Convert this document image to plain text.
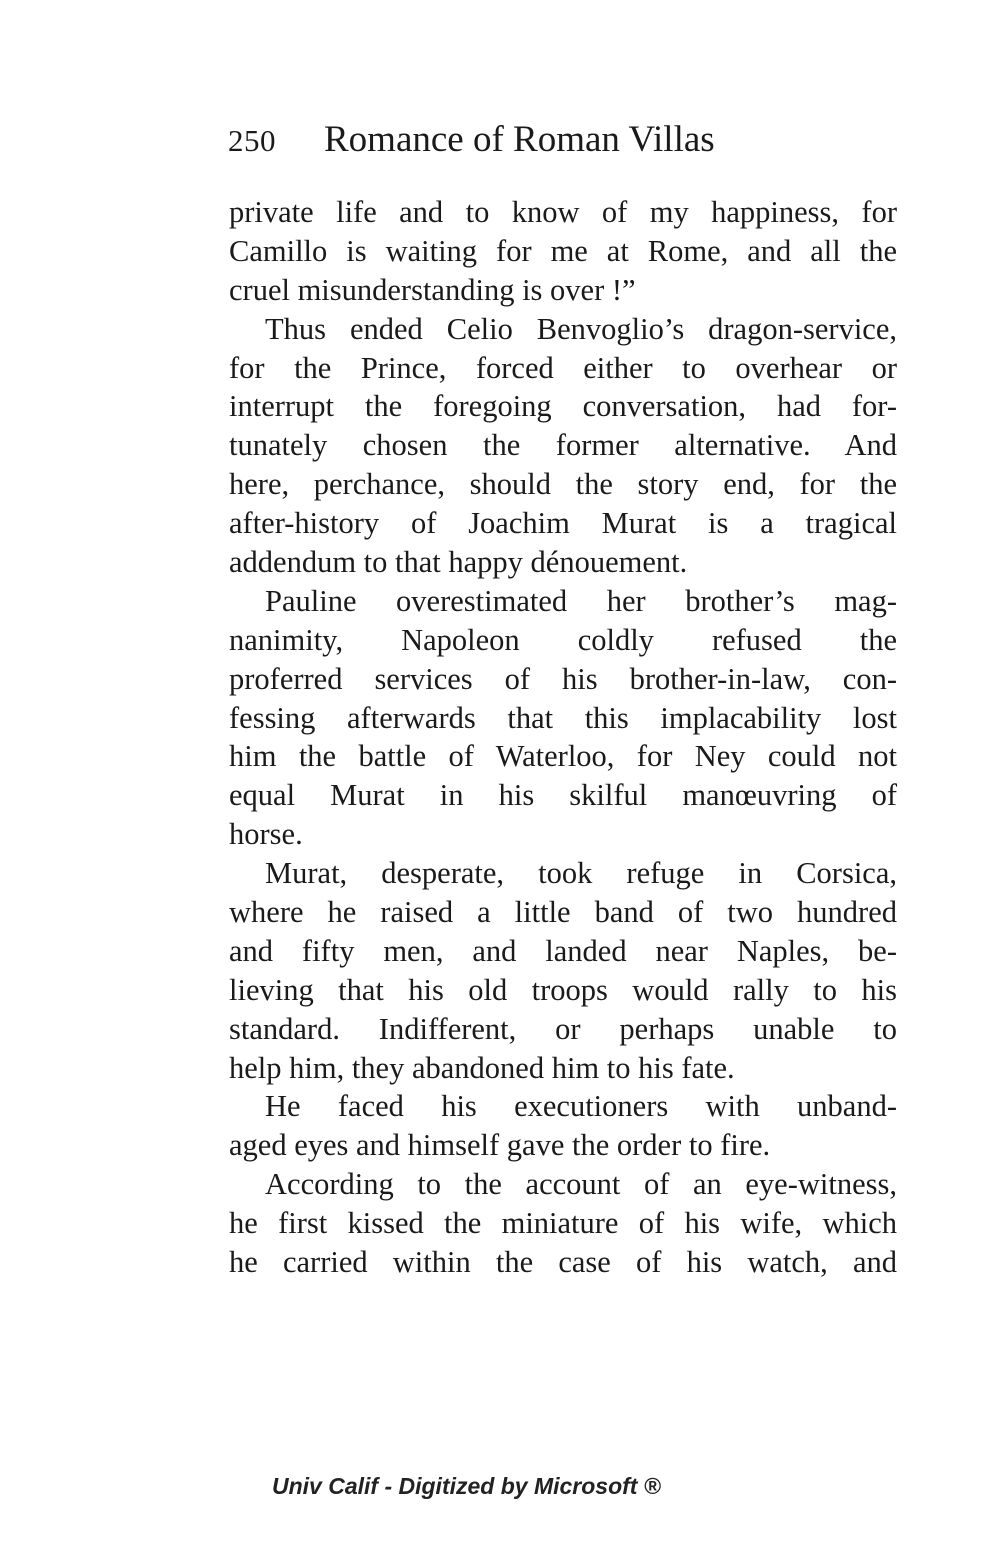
250 Romance of Roman Villas
private life and to know of my happiness, for
Camillo is waiting for me at Rome, and all the
cruel misunderstanding is over !”
Thus ended Celio Benvoglio’s dragon-service,
for the Prince, forced either to overhear or
interrupt the foregoing conversation, had for-
tunately chosen the former alternative. And
here, perchance, should the story end, for the
after-history of Joachim Murat is a tragical
addendum to that happy dénouement.
Pauline overestimated her brother’s mag-
nanimity, Napoleon coldly refused the
proferred services of his brother-in-law, con-
fessing afterwards that this implacability lost
him the battle of Waterloo, for Ney could not
equal Murat in his skilful manœuvring of
horse.
Murat, desperate, took refuge in Corsica,
where he raised a little band of two hundred
and fifty men, and landed near Naples, be-
lieving that his old troops would rally to his
standard. Indifferent, or perhaps unable to
help him, they abandoned him to his fate.
He faced his executioners with unband-
aged eyes and himself gave the order to fire.
According to the account of an eye-witness,
he first kissed the miniature of his wife, which
he carried within the case of his watch, and
Univ Calif - Digitized by Microsoft ®
